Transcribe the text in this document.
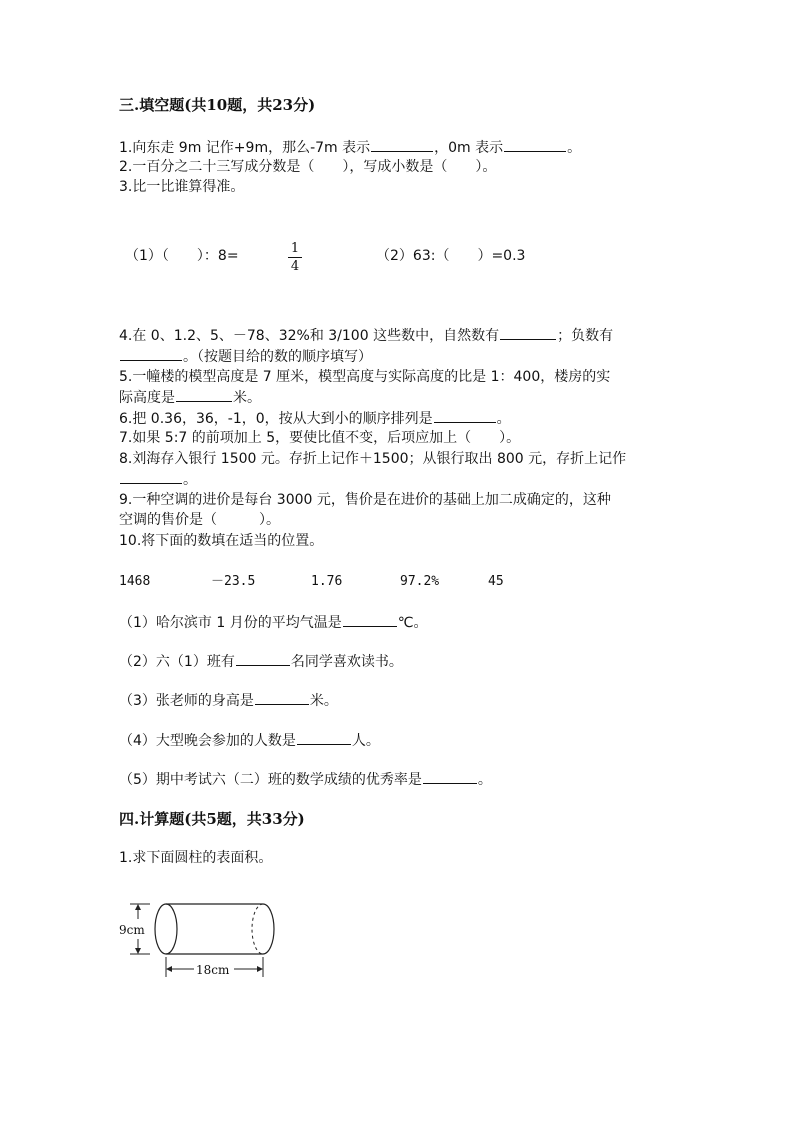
三.填空题(共10题，共23分)
1.向东走 9m 记作+9m，那么-7m 表示	，0m 表示	。
2.一百分之二十三写成分数是（　　），写成小数是（　　）。
3.比一比谁算得准。
（1）（　　）：8=	1
4
（2）63:（　　）=0.3
4.在 0、1.2、5、－78、32%和 3/100 这些数中，自然数有	；负数有
。（按题目给的数的顺序填写）
5.一幢楼的模型高度是 7 厘米，模型高度与实际高度的比是 1：400，楼房的实
际高度是	米。
6.把 0.36，36，-1，0，按从大到小的顺序排列是	。
7.如果 5:7 的前项加上 5，要使比值不变，后项应加上（　　）。
8.刘海存入银行 1500 元。存折上记作＋1500；从银行取出 800 元，存折上记作
。
9.一种空调的进价是每台 3000 元，售价是在进价的基础上加二成确定的，这种
空调的售价是（　　　）。
10.将下面的数填在适当的位置。
1468	－23.5	1.76	97.2%	45
（1）哈尔滨市 1 月份的平均气温是	℃。
（2）六（1）班有	名同学喜欢读书。
（3）张老师的身高是	米。
（4）大型晚会参加的人数是	人。
（5）期中考试六（二）班的数学成绩的优秀率是	。
四.计算题(共5题，共33分)
1.求下面圆柱的表面积。
9cm
18cm
